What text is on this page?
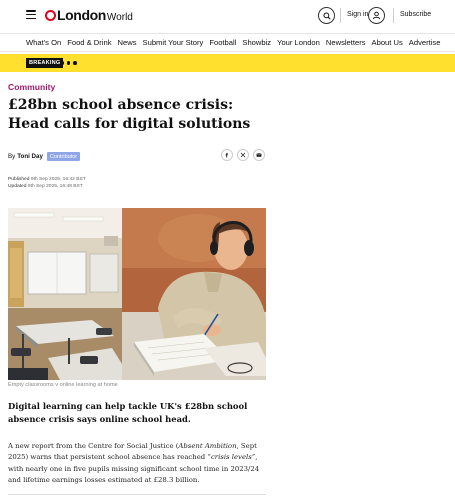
London World	Sign in	Subscribe
What's On Food & Drink News Submit Your Story Football Showbiz Your London Newsletters About Us Advertise
BREAKING
Community
£28bn school absence crisis: Head calls for digital solutions
By Toni Day	Contributor
Published 9th Sep 2025, 16:42 BST
Updated 9th Sep 2025, 16:48 BST
Empty classrooms v online learning at home

Digital learning can help tackle UK's £28bn school absence crisis says online school head.

A new report from the Centre for Social Justice (Absent Ambition, Sept 2025) warns that persistent school absence has reached “crisis levels”, with nearly one in five pupils missing significant school time in 2023/24 and lifetime earnings losses estimated at £28.3 billion.
